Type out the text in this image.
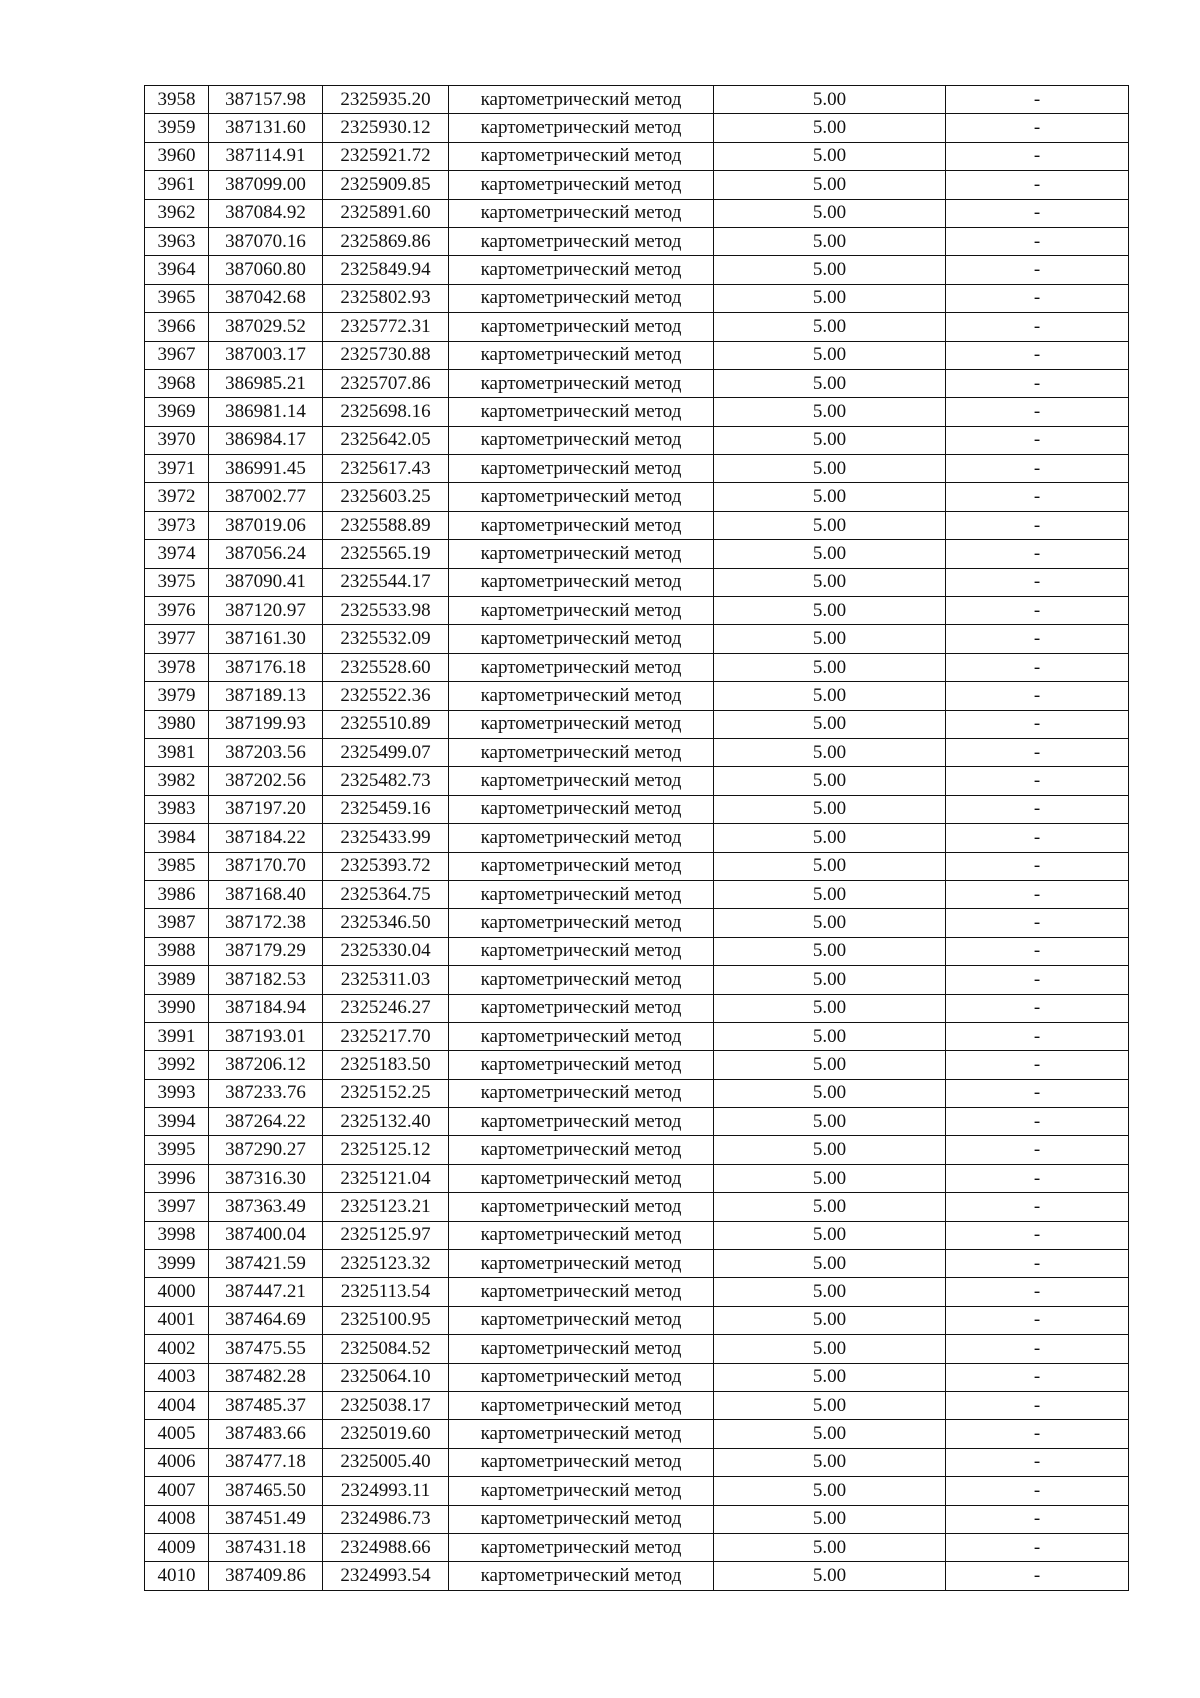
3958	387157.98	2325935.20	картометрический метод	5.00	-
3959	387131.60	2325930.12	картометрический метод	5.00	-
3960	387114.91	2325921.72	картометрический метод	5.00	-
3961	387099.00	2325909.85	картометрический метод	5.00	-
3962	387084.92	2325891.60	картометрический метод	5.00	-
3963	387070.16	2325869.86	картометрический метод	5.00	-
3964	387060.80	2325849.94	картометрический метод	5.00	-
3965	387042.68	2325802.93	картометрический метод	5.00	-
3966	387029.52	2325772.31	картометрический метод	5.00	-
3967	387003.17	2325730.88	картометрический метод	5.00	-
3968	386985.21	2325707.86	картометрический метод	5.00	-
3969	386981.14	2325698.16	картометрический метод	5.00	-
3970	386984.17	2325642.05	картометрический метод	5.00	-
3971	386991.45	2325617.43	картометрический метод	5.00	-
3972	387002.77	2325603.25	картометрический метод	5.00	-
3973	387019.06	2325588.89	картометрический метод	5.00	-
3974	387056.24	2325565.19	картометрический метод	5.00	-
3975	387090.41	2325544.17	картометрический метод	5.00	-
3976	387120.97	2325533.98	картометрический метод	5.00	-
3977	387161.30	2325532.09	картометрический метод	5.00	-
3978	387176.18	2325528.60	картометрический метод	5.00	-
3979	387189.13	2325522.36	картометрический метод	5.00	-
3980	387199.93	2325510.89	картометрический метод	5.00	-
3981	387203.56	2325499.07	картометрический метод	5.00	-
3982	387202.56	2325482.73	картометрический метод	5.00	-
3983	387197.20	2325459.16	картометрический метод	5.00	-
3984	387184.22	2325433.99	картометрический метод	5.00	-
3985	387170.70	2325393.72	картометрический метод	5.00	-
3986	387168.40	2325364.75	картометрический метод	5.00	-
3987	387172.38	2325346.50	картометрический метод	5.00	-
3988	387179.29	2325330.04	картометрический метод	5.00	-
3989	387182.53	2325311.03	картометрический метод	5.00	-
3990	387184.94	2325246.27	картометрический метод	5.00	-
3991	387193.01	2325217.70	картометрический метод	5.00	-
3992	387206.12	2325183.50	картометрический метод	5.00	-
3993	387233.76	2325152.25	картометрический метод	5.00	-
3994	387264.22	2325132.40	картометрический метод	5.00	-
3995	387290.27	2325125.12	картометрический метод	5.00	-
3996	387316.30	2325121.04	картометрический метод	5.00	-
3997	387363.49	2325123.21	картометрический метод	5.00	-
3998	387400.04	2325125.97	картометрический метод	5.00	-
3999	387421.59	2325123.32	картометрический метод	5.00	-
4000	387447.21	2325113.54	картометрический метод	5.00	-
4001	387464.69	2325100.95	картометрический метод	5.00	-
4002	387475.55	2325084.52	картометрический метод	5.00	-
4003	387482.28	2325064.10	картометрический метод	5.00	-
4004	387485.37	2325038.17	картометрический метод	5.00	-
4005	387483.66	2325019.60	картометрический метод	5.00	-
4006	387477.18	2325005.40	картометрический метод	5.00	-
4007	387465.50	2324993.11	картометрический метод	5.00	-
4008	387451.49	2324986.73	картометрический метод	5.00	-
4009	387431.18	2324988.66	картометрический метод	5.00	-
4010	387409.86	2324993.54	картометрический метод	5.00	-
